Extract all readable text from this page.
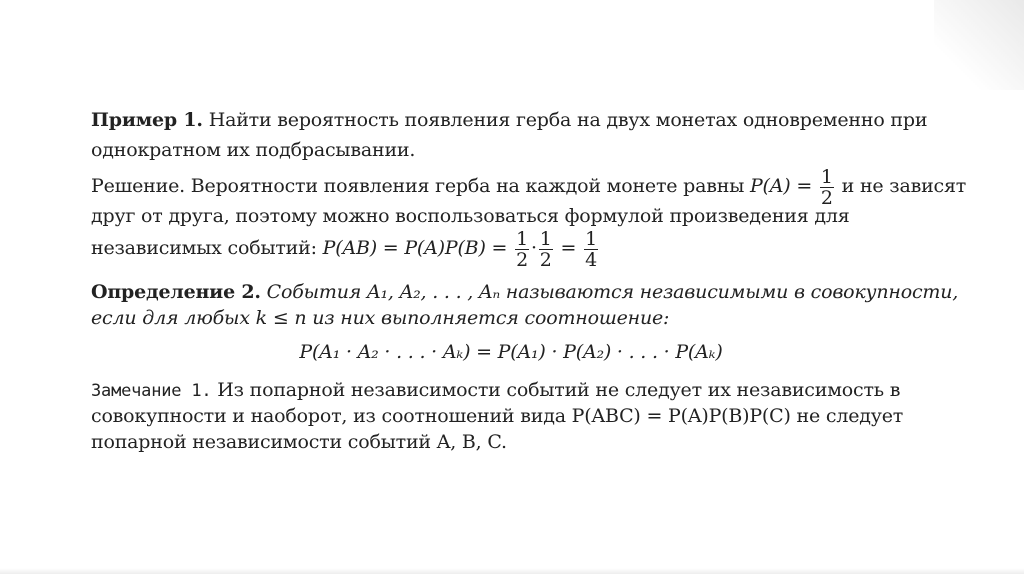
Пример 1. Найти вероятность появления герба на двух монетах одновременно при
однократном их подбрасывании.
Решение. Вероятности появления герба на каждой монете равны $P(A) = \frac{1}{2}$ и не зависят
друг от друга, поэтому можно воспользоваться формулой произведения для
независимых событий: $P(AB) = P(A)P(B) = \frac{1}{2} \cdot \frac{1}{2} = \frac{1}{4}$
Определение 2. События A₁, A₂, . . . , Aₙ называются независимыми в совокупности,
если для любых k ≤ n из них выполняется соотношение:
P(A₁ · A₂ · . . . · Aₖ) = P(A₁) · P(A₂) · . . . · P(Aₖ)
Замечание 1. Из попарной независимости событий не следует их независимость в
совокупности и наоборот, из соотношений вида P(ABC) = P(A)P(B)P(C) не следует
попарной независимости событий A, B, C.
